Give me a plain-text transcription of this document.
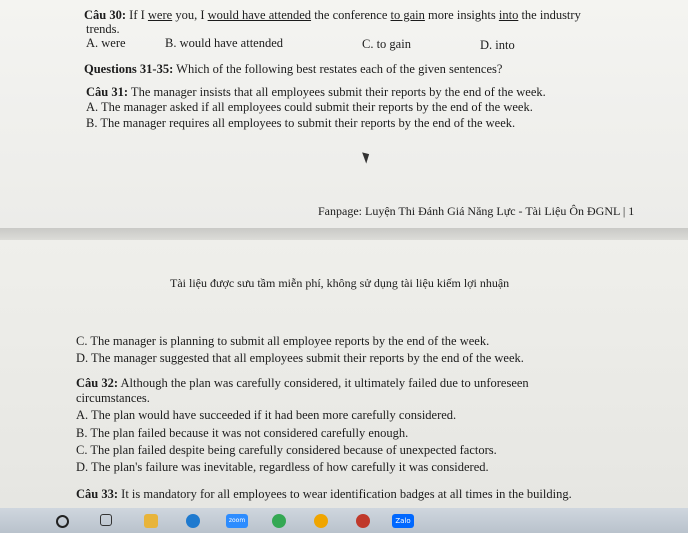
Câu 30: If I were you, I would have attended the conference to gain more insights into the industry
trends.
A. were	B. would have attended	C. to gain	D. into
Questions 31-35: Which of the following best restates each of the given sentences?
Câu 31: The manager insists that all employees submit their reports by the end of the week.
A. The manager asked if all employees could submit their reports by the end of the week.
B. The manager requires all employees to submit their reports by the end of the week.
Fanpage: Luyện Thi Đánh Giá Năng Lực - Tài Liệu Ôn ĐGNL | 1
Tài liệu được sưu tầm miễn phí, không sử dụng tài liệu kiếm lợi nhuận
C. The manager is planning to submit all employee reports by the end of the week.
D. The manager suggested that all employees submit their reports by the end of the week.
Câu 32: Although the plan was carefully considered, it ultimately failed due to unforeseen
circumstances.
A. The plan would have succeeded if it had been more carefully considered.
B. The plan failed because it was not considered carefully enough.
C. The plan failed despite being carefully considered because of unexpected factors.
D. The plan's failure was inevitable, regardless of how carefully it was considered.
Câu 33: It is mandatory for all employees to wear identification badges at all times in the building.
zoom	Zalo
